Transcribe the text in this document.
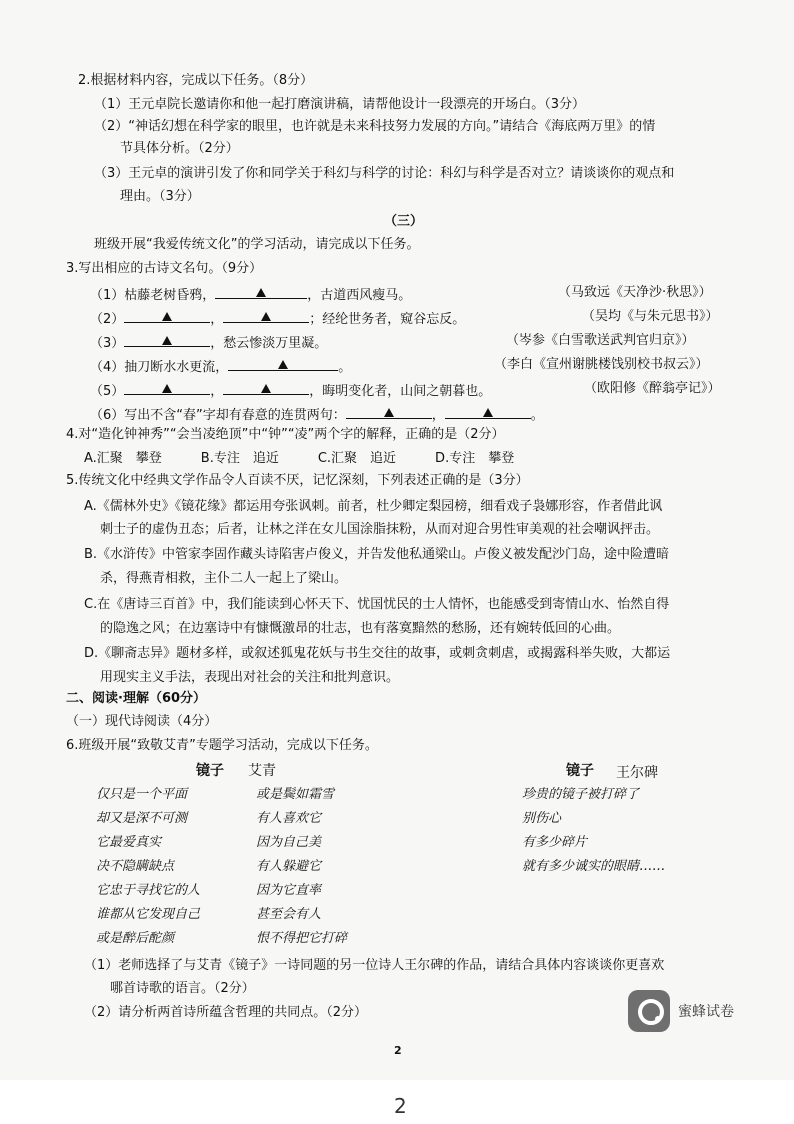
2.根据材料内容，完成以下任务。（8分）
（1）王元卓院长邀请你和他一起打磨演讲稿，请帮他设计一段漂亮的开场白。（3分）
（2）“神话幻想在科学家的眼里，也许就是未来科技努力发展的方向。”请结合《海底两万里》的情
节具体分析。（2分）
（3）王元卓的演讲引发了你和同学关于科幻与科学的讨论：科幻与科学是否对立？请谈谈你的观点和
理由。（3分）
（三）
班级开展“我爱传统文化”的学习活动，请完成以下任务。
3.写出相应的古诗文名句。（9分）
（1）枯藤老树昏鸦，	，古道西风瘦马。	（马致远《天净沙·秋思》）
（2）	，	；经纶世务者，窥谷忘反。	（吴均《与朱元思书》）
（3）	，愁云惨淡万里凝。	（岑参《白雪歌送武判官归京》）
（4）抽刀断水水更流，	。	（李白《宣州谢朓楼饯别校书叔云》）
（5）	，	，晦明变化者，山间之朝暮也。	（欧阳修《醉翁亭记》）
（6）写出不含“春”字却有春意的连贯两句：	，	。
4.对“造化钟神秀”“会当凌绝顶”中“钟”“凌”两个字的解释，正确的是（2分）
A.汇聚　攀登　　　B.专注　追近　　　C.汇聚　追近　　　D.专注　攀登
5.传统文化中经典文学作品令人百读不厌，记忆深刻，下列表述正确的是（3分）
A.《儒林外史》《镜花缘》都运用夸张讽刺。前者，杜少卿定梨园榜，细看戏子袅娜形容，作者借此讽
刺士子的虚伪丑态；后者，让林之洋在女儿国涂脂抹粉，从而对迎合男性审美观的社会嘲讽抨击。
B.《水浒传》中管家李固作藏头诗陷害卢俊义，并告发他私通梁山。卢俊义被发配沙门岛，途中险遭暗
杀，得燕青相救，主仆二人一起上了梁山。
C.在《唐诗三百首》中，我们能读到心怀天下、忧国忧民的士人情怀，也能感受到寄情山水、怡然自得
的隐逸之风；在边塞诗中有慷慨激昂的壮志，也有落寞黯然的愁肠，还有婉转低回的心曲。
D.《聊斋志异》题材多样，或叙述狐鬼花妖与书生交往的故事，或刺贪刺虐，或揭露科举失败，大都运
用现实主义手法，表现出对社会的关注和批判意识。
二、阅读·理解（60分）
（一）现代诗阅读（4分）
6.班级开展“致敬艾青”专题学习活动，完成以下任务。
镜子 艾青	镜子 王尔碑
仅只是一个平面
却又是深不可测
它最爱真实
决不隐瞒缺点
它忠于寻找它的人
谁都从它发现自己
或是醉后酡颜
或是鬓如霜雪
有人喜欢它
因为自己美
有人躲避它
因为它直率
甚至会有人
恨不得把它打碎
珍贵的镜子被打碎了
别伤心
有多少碎片
就有多少诚实的眼睛……
（1）老师选择了与艾青《镜子》一诗同题的另一位诗人王尔碑的作品，请结合具体内容谈谈你更喜欢
哪首诗歌的语言。（2分）
（2）请分析两首诗所蕴含哲理的共同点。（2分）	蜜蜂试卷
2
2
